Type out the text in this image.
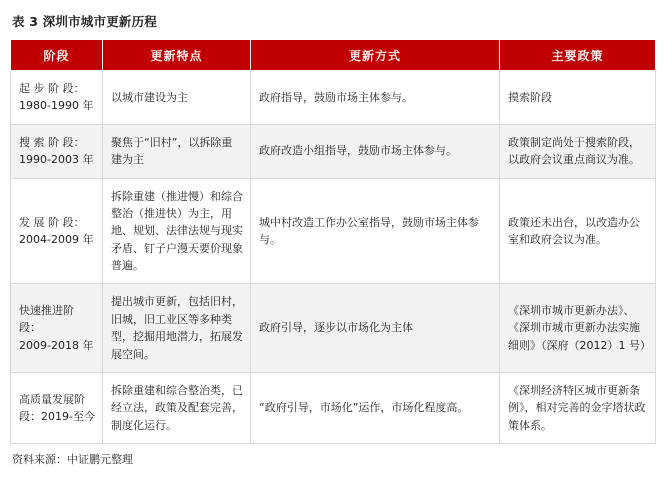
表 3 深圳市城市更新历程
阶段	更新特点	更新方式	主要政策
起 步 阶 段：
1980-1990 年	以城市建设为主	政府指导，鼓励市场主体参与。	摸索阶段
搜 索 阶 段：
1990-2003 年	聚焦于“旧村”，以拆除重建为主	政府改造小组指导，鼓励市场主体参与。	政策制定尚处于搜索阶段，以政府会议重点商议为准。
发 展 阶 段：
2004-2009 年	拆除重建（推进慢）和综合整治（推进快）为主，用地、规划、法律法规与现实矛盾、钉子户漫天要价现象普遍。	城中村改造工作办公室指导，鼓励市场主体参与。	政策还未出台，以改造办公室和政府会议为准。
快速推进阶段：
2009-2018 年	提出城市更新，包括旧村，旧城，旧工业区等多种类型，挖掘用地潜力，拓展发展空间。	政府引导，逐步以市场化为主体	《深圳市城市更新办法》、《深圳市城市更新办法实施细则》（深府（2012）1 号）
高质量发展阶段：2019-至今	拆除重建和综合整治类，已经立法，政策及配套完善，制度化运行。	“政府引导，市场化”运作，市场化程度高。	《深圳经济特区城市更新条例》，相对完善的金字塔状政策体系。
资料来源：中证鹏元整理
